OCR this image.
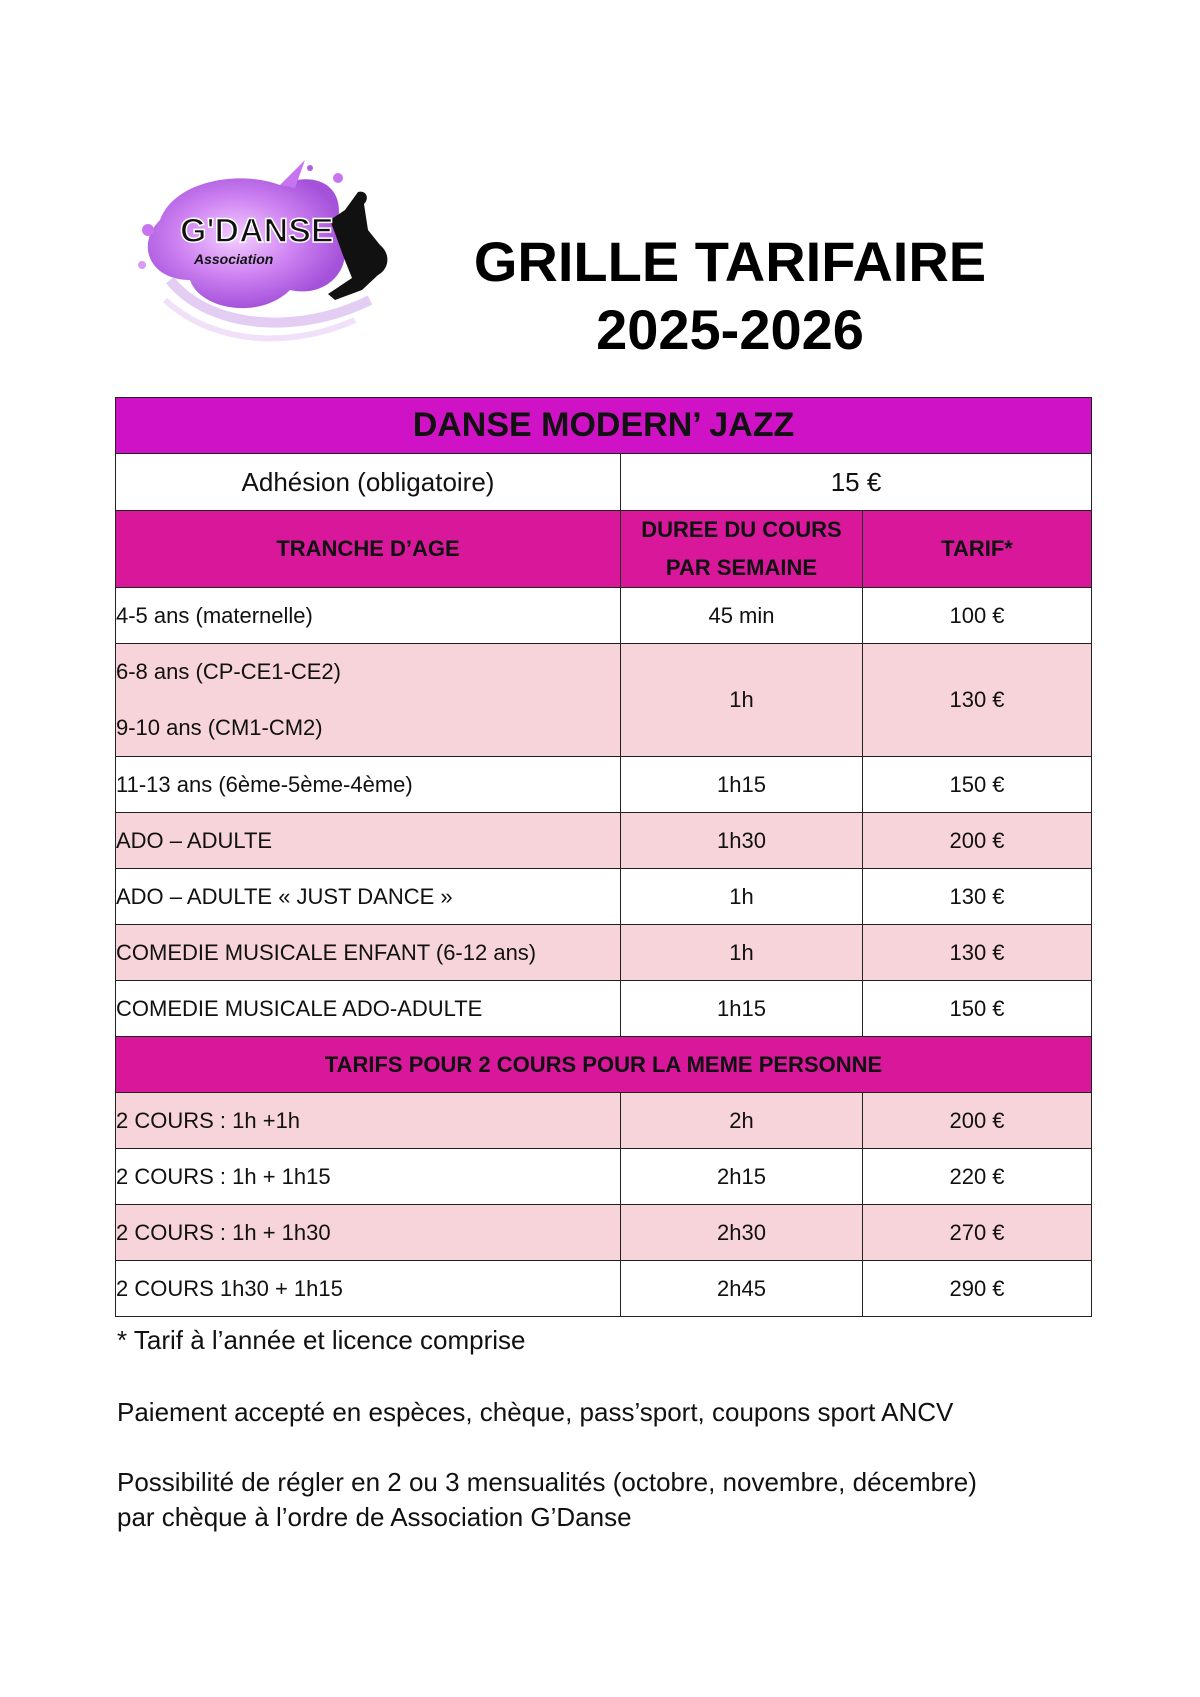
G'DANSE
Association	GRILLE TARIFAIRE
2025-2026
DANSE MODERN’ JAZZ		
Adhésion (obligatoire)	15 €	
TRANCHE D’AGE	DUREE DU COURS PAR SEMAINE	TARIF*
4-5 ans (maternelle)	45 min	100 €

6-8 ans (CP-CE1-CE2)
9-10 ans (CM1-CM2)	1h	130 €
11-13 ans (6ème-5ème-4ème)	1h15	150 €
ADO – ADULTE	1h30	200 €
ADO – ADULTE « JUST DANCE »	1h	130 €
COMEDIE MUSICALE ENFANT (6-12 ans)	1h	130 €
COMEDIE MUSICALE ADO-ADULTE	1h15	150 €
TARIFS POUR 2 COURS POUR LA MEME PERSONNE		
2 COURS : 1h +1h	2h	200 €
2 COURS : 1h + 1h15	2h15	220 €
2 COURS : 1h + 1h30	2h30	270 €
2 COURS 1h30 + 1h15	2h45	290 €
* Tarif à l’année et licence comprise
Paiement accepté en espèces, chèque, pass’sport, coupons sport ANCV
Possibilité de régler en 2 ou 3 mensualités (octobre, novembre, décembre)
par chèque à l’ordre de Association G’Danse
